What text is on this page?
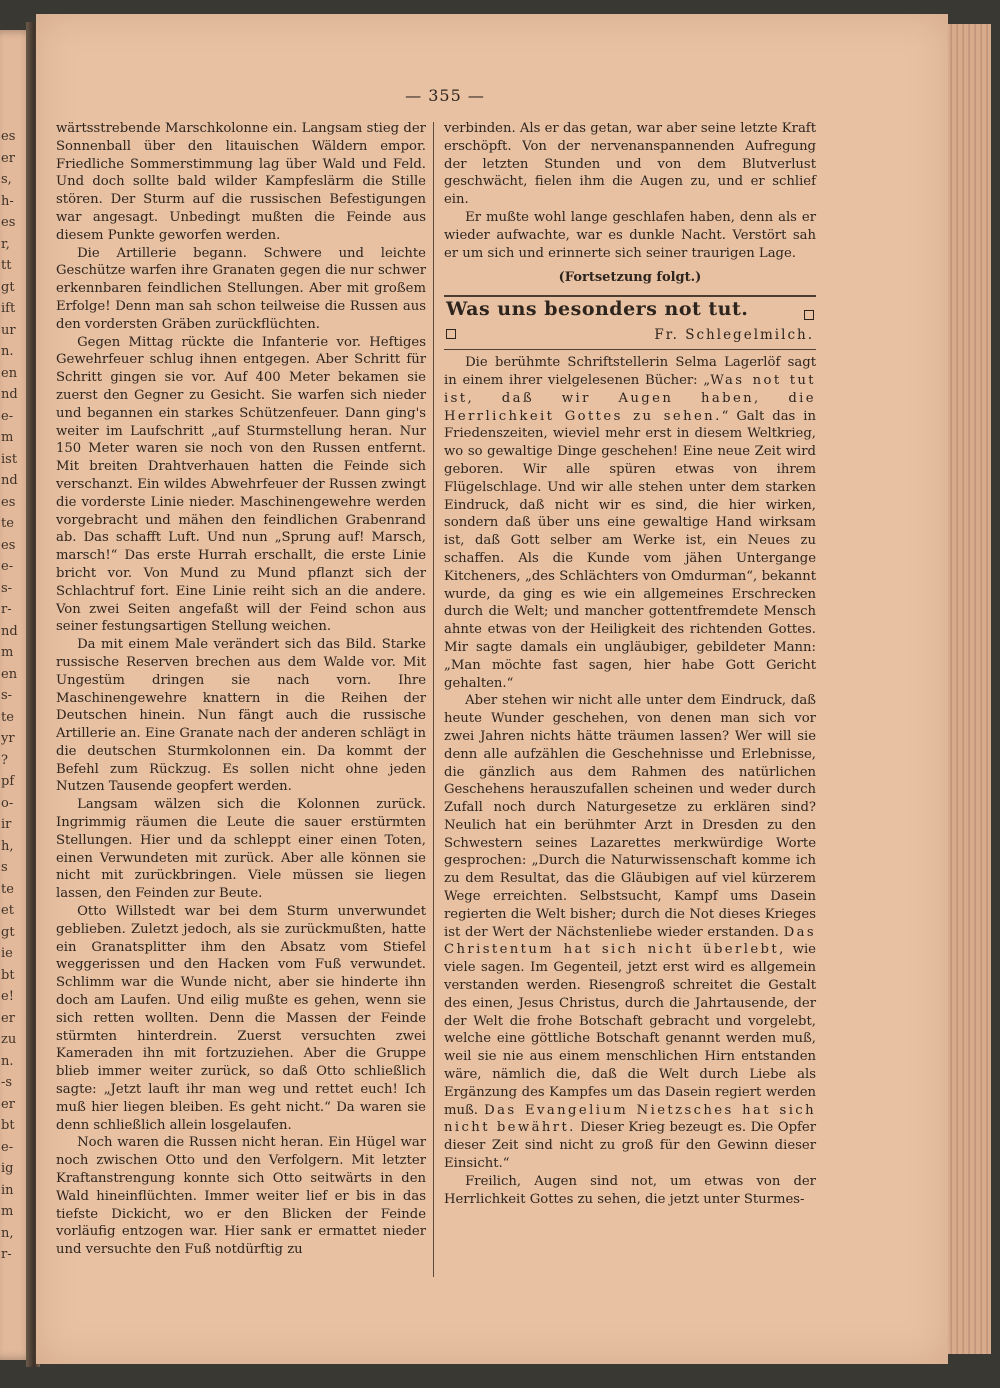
es
er
s,
h-
es
r,
tt
gt
ift
ur
n.
en
nd
e-
m
ist
nd
es
te
es
e-
s-
r-
nd
m
en
s-
te
yr
?
pf
o-
ir
h,
s
te
et
gt
ie
bt
e!
er
zu
n.
-s
er
bt
e-
ig
in
m
n,
r-
— 355 —

wärtsstrebende Marschkolonne ein. Langsam stieg der Sonnenball über den litauischen Wäldern empor. Friedliche Sommerstimmung lag über Wald und Feld. Und doch sollte bald wilder Kampfeslärm die Stille stören. Der Sturm auf die russischen Befestigungen war angesagt. Unbedingt mußten die Feinde aus diesem Punkte geworfen werden.

Die Artillerie begann. Schwere und leichte Geschütze warfen ihre Granaten gegen die nur schwer erkennbaren feindlichen Stellungen. Aber mit großem Erfolge! Denn man sah schon teilweise die Russen aus den vordersten Gräben zurückflüchten.

Gegen Mittag rückte die Infanterie vor. Heftiges Gewehrfeuer schlug ihnen entgegen. Aber Schritt für Schritt gingen sie vor. Auf 400 Meter bekamen sie zuerst den Gegner zu Gesicht. Sie warfen sich nieder und begannen ein starkes Schützenfeuer. Dann ging's weiter im Laufschritt „auf Sturmstellung heran. Nur 150 Meter waren sie noch von den Russen entfernt. Mit breiten Drahtverhauen hatten die Feinde sich verschanzt. Ein wildes Abwehrfeuer der Russen zwingt die vorderste Linie nieder. Maschinengewehre werden vorgebracht und mähen den feindlichen Grabenrand ab. Das schafft Luft. Und nun „Sprung auf! Marsch, marsch!“ Das erste Hurrah erschallt, die erste Linie bricht vor. Von Mund zu Mund pflanzt sich der Schlachtruf fort. Eine Linie reiht sich an die andere. Von zwei Seiten angefaßt will der Feind schon aus seiner festungsartigen Stellung weichen.

Da mit einem Male verändert sich das Bild. Starke russische Reserven brechen aus dem Walde vor. Mit Ungestüm dringen sie nach vorn. Ihre Maschinengewehre knattern in die Reihen der Deutschen hinein. Nun fängt auch die russische Artillerie an. Eine Granate nach der anderen schlägt in die deutschen Sturmkolonnen ein. Da kommt der Befehl zum Rückzug. Es sollen nicht ohne jeden Nutzen Tausende geopfert werden.

Langsam wälzen sich die Kolonnen zurück. Ingrimmig räumen die Leute die sauer erstürmten Stellungen. Hier und da schleppt einer einen Toten, einen Verwundeten mit zurück. Aber alle können sie nicht mit zurückbringen. Viele müssen sie liegen lassen, den Feinden zur Beute.

Otto Willstedt war bei dem Sturm unverwundet geblieben. Zuletzt jedoch, als sie zurückmußten, hatte ein Granatsplitter ihm den Absatz vom Stiefel weggerissen und den Hacken vom Fuß verwundet. Schlimm war die Wunde nicht, aber sie hinderte ihn doch am Laufen. Und eilig mußte es gehen, wenn sie sich retten wollten. Denn die Massen der Feinde stürmten hinterdrein. Zuerst versuchten zwei Kameraden ihn mit fortzuziehen. Aber die Gruppe blieb immer weiter zurück, so daß Otto schließlich sagte: „Jetzt lauft ihr man weg und rettet euch! Ich muß hier liegen bleiben. Es geht nicht.“ Da waren sie denn schließlich allein losgelaufen.

Noch waren die Russen nicht heran. Ein Hügel war noch zwischen Otto und den Verfolgern. Mit letzter Kraftanstrengung konnte sich Otto seitwärts in den Wald hineinflüchten. Immer weiter lief er bis in das tiefste Dickicht, wo er den Blicken der Feinde vorläufig entzogen war. Hier sank er ermattet nieder und versuchte den Fuß notdürftig zu

verbinden. Als er das getan, war aber seine letzte Kraft erschöpft. Von der nervenanspannenden Aufregung der letzten Stunden und von dem Blutverlust geschwächt, fielen ihm die Augen zu, und er schlief ein.

Er mußte wohl lange geschlafen haben, denn als er wieder aufwachte, war es dunkle Nacht. Verstört sah er um sich und erinnerte sich seiner traurigen Lage.

(Fortsetzung folgt.)
Was uns besonders not tut.
Fr. Schlegelmilch.

Die berühmte Schriftstellerin Selma Lagerlöf sagt in einem ihrer vielgelesenen Bücher: „Was not tut ist, daß wir Augen haben, die Herrlichkeit Gottes zu sehen.“ Galt das in Friedenszeiten, wieviel mehr erst in diesem Weltkrieg, wo so gewaltige Dinge geschehen! Eine neue Zeit wird geboren. Wir alle spüren etwas von ihrem Flügelschlage. Und wir alle stehen unter dem starken Eindruck, daß nicht wir es sind, die hier wirken, sondern daß über uns eine gewaltige Hand wirksam ist, daß Gott selber am Werke ist, ein Neues zu schaffen. Als die Kunde vom jähen Untergange Kitcheners, „des Schlächters von Omdurman“, bekannt wurde, da ging es wie ein allgemeines Erschrecken durch die Welt; und mancher gottentfremdete Mensch ahnte etwas von der Heiligkeit des richtenden Gottes. Mir sagte damals ein ungläubiger, gebildeter Mann: „Man möchte fast sagen, hier habe Gott Gericht gehalten.“

Aber stehen wir nicht alle unter dem Eindruck, daß heute Wunder geschehen, von denen man sich vor zwei Jahren nichts hätte träumen lassen? Wer will sie denn alle aufzählen die Geschehnisse und Erlebnisse, die gänzlich aus dem Rahmen des natürlichen Geschehens herauszufallen scheinen und weder durch Zufall noch durch Naturgesetze zu erklären sind? Neulich hat ein berühmter Arzt in Dresden zu den Schwestern seines Lazarettes merkwürdige Worte gesprochen: „Durch die Naturwissenschaft komme ich zu dem Resultat, das die Gläubigen auf viel kürzerem Wege erreichten. Selbstsucht, Kampf ums Dasein regierten die Welt bisher; durch die Not dieses Krieges ist der Wert der Nächstenliebe wieder erstanden. Das Christentum hat sich nicht überlebt, wie viele sagen. Im Gegenteil, jetzt erst wird es allgemein verstanden werden. Riesengroß schreitet die Gestalt des einen, Jesus Christus, durch die Jahrtausende, der der Welt die frohe Botschaft gebracht und vorgelebt, welche eine göttliche Botschaft genannt werden muß, weil sie nie aus einem menschlichen Hirn entstanden wäre, nämlich die, daß die Welt durch Liebe als Ergänzung des Kampfes um das Dasein regiert werden muß. Das Evangelium Nietzsches hat sich nicht bewährt. Dieser Krieg bezeugt es. Die Opfer dieser Zeit sind nicht zu groß für den Gewinn dieser Einsicht.“

Freilich, Augen sind not, um etwas von der Herrlichkeit Gottes zu sehen, die jetzt unter Sturmes-
